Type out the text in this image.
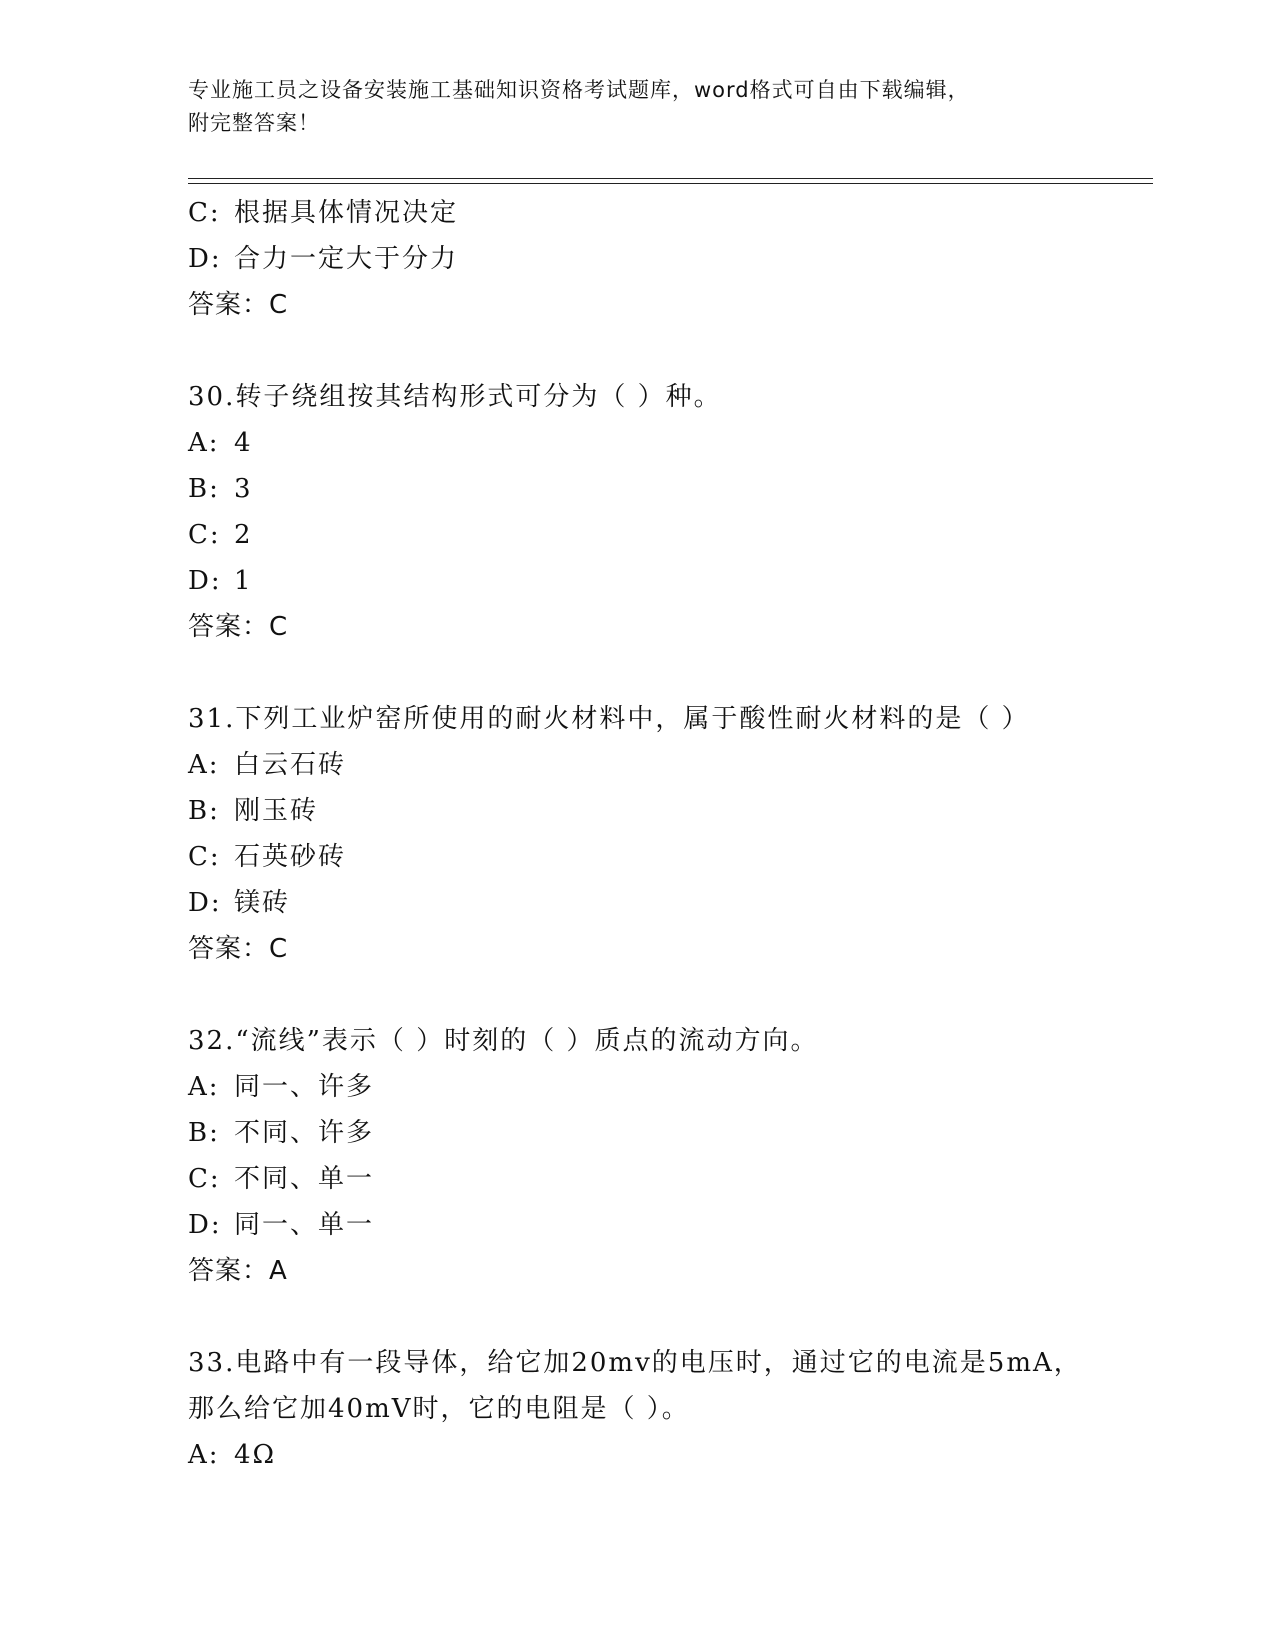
专业施工员之设备安装施工基础知识资格考试题库，word格式可自由下载编辑，
附完整答案！
C: 根据具体情况决定
D: 合力一定大于分力
答案：C
30.转子绕组按其结构形式可分为（ ）种。
A: 4
B: 3
C: 2
D: 1
答案：C
31.下列工业炉窑所使用的耐火材料中，属于酸性耐火材料的是（ ）
A: 白云石砖
B: 刚玉砖
C: 石英砂砖
D: 镁砖
答案：C
32.“流线”表示（ ）时刻的（ ）质点的流动方向。
A: 同一、许多
B: 不同、许多
C: 不同、单一
D: 同一、单一
答案：A
33.电路中有一段导体，给它加20mv的电压时，通过它的电流是5mA，
那么给它加40mV时，它的电阻是（ ）。
A: 4Ω
